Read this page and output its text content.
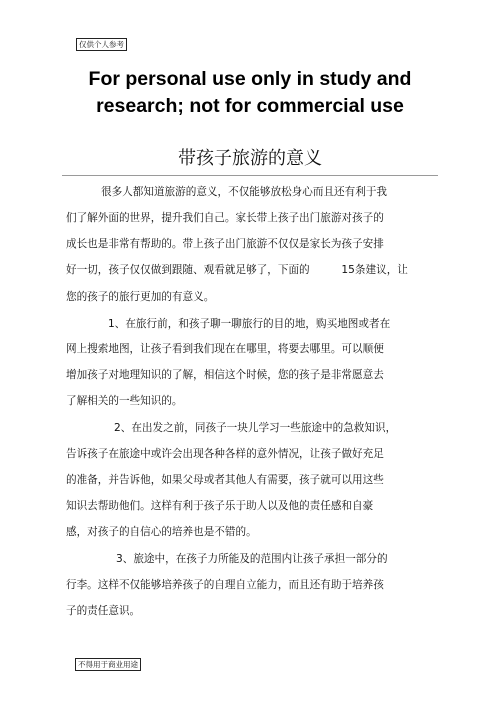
仅供个人参考
For personal use only in study and
research; not for commercial use
带孩子旅游的意义
很多人都知道旅游的意义，不仅能够放松身心而且还有利于我
们了解外面的世界，提升我们自己。家长带上孩子出门旅游对孩子的
成长也是非常有帮助的。带上孩子出门旅游不仅仅是家长为孩子安排
好一切，孩子仅仅做到跟随、观看就足够了，下面的　　　15条建议，让
您的孩子的旅行更加的有意义。
1、在旅行前，和孩子聊一聊旅行的目的地，购买地图或者在
网上搜索地图，让孩子看到我们现在在哪里，将要去哪里。可以顺便
增加孩子对地理知识的了解，相信这个时候，您的孩子是非常愿意去
了解相关的一些知识的。
2、在出发之前，同孩子一块儿学习一些旅途中的急救知识，
告诉孩子在旅途中或许会出现各种各样的意外情况，让孩子做好充足
的准备，并告诉他，如果父母或者其他人有需要，孩子就可以用这些
知识去帮助他们。这样有利于孩子乐于助人以及他的责任感和自豪
感，对孩子的自信心的培养也是不错的。
3、旅途中，在孩子力所能及的范围内让孩子承担一部分的
行李。这样不仅能够培养孩子的自理自立能力，而且还有助于培养孩
子的责任意识。
不得用于商业用途
